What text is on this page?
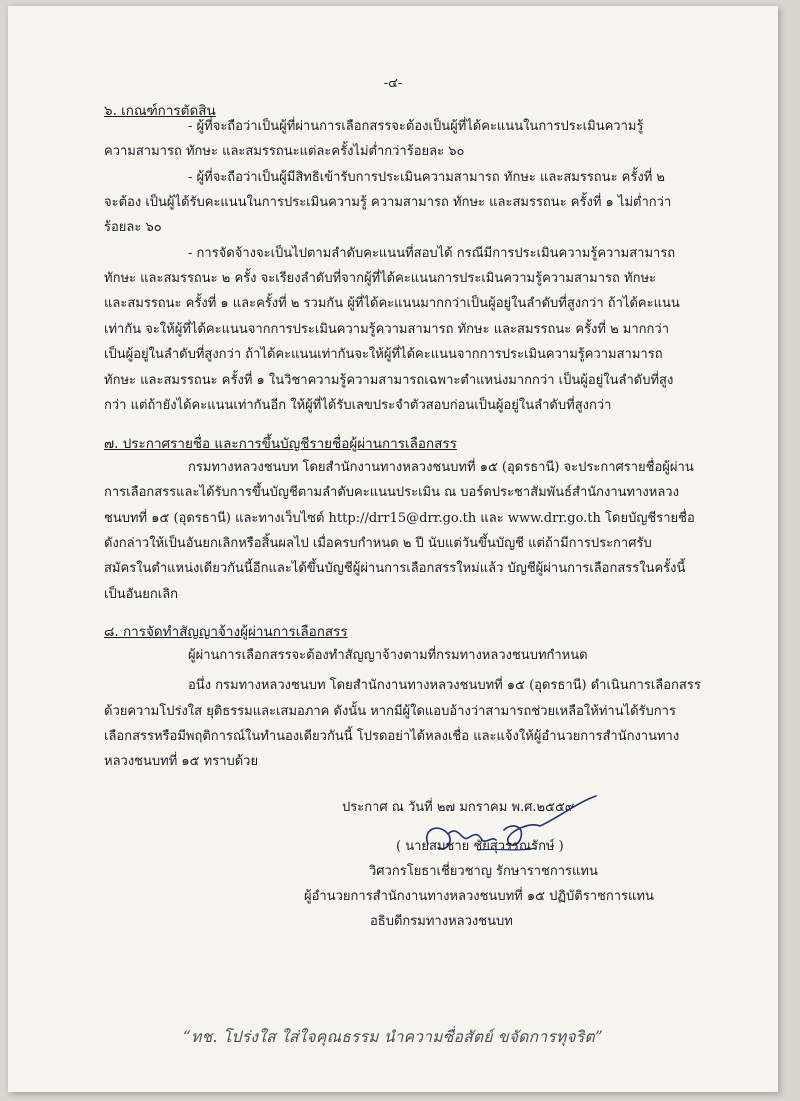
-๔-
๖. เกณฑ์การตัดสิน
- ผู้ที่จะถือว่าเป็นผู้ที่ผ่านการเลือกสรรจะต้องเป็นผู้ที่ได้คะแนนในการประเมินความรู้
ความสามารถ ทักษะ และสมรรถนะแต่ละครั้งไม่ต่ำกว่าร้อยละ ๖๐
- ผู้ที่จะถือว่าเป็นผู้มีสิทธิเข้ารับการประเมินความสามารถ ทักษะ และสมรรถนะ ครั้งที่ ๒
จะต้อง เป็นผู้ได้รับคะแนนในการประเมินความรู้ ความสามารถ ทักษะ และสมรรถนะ ครั้งที่ ๑ ไม่ต่ำกว่า
ร้อยละ ๖๐
- การจัดจ้างจะเป็นไปตามลำดับคะแนนที่สอบได้ กรณีมีการประเมินความรู้ความสามารถ
ทักษะ และสมรรถนะ ๒ ครั้ง จะเรียงลำดับที่จากผู้ที่ได้คะแนนการประเมินความรู้ความสามารถ ทักษะ
และสมรรถนะ ครั้งที่ ๑ และครั้งที่ ๒ รวมกัน ผู้ที่ได้คะแนนมากกว่าเป็นผู้อยู่ในลำดับที่สูงกว่า ถ้าได้คะแนน
เท่ากัน จะให้ผู้ที่ได้คะแนนจากการประเมินความรู้ความสามารถ ทักษะ และสมรรถนะ ครั้งที่ ๒ มากกว่า
เป็นผู้อยู่ในลำดับที่สูงกว่า ถ้าได้คะแนนเท่ากันจะให้ผู้ที่ได้คะแนนจากการประเมินความรู้ความสามารถ
ทักษะ และสมรรถนะ ครั้งที่ ๑ ในวิชาความรู้ความสามารถเฉพาะตำแหน่งมากกว่า เป็นผู้อยู่ในลำดับที่สูง
กว่า แต่ถ้ายังได้คะแนนเท่ากันอีก ให้ผู้ที่ได้รับเลขประจำตัวสอบก่อนเป็นผู้อยู่ในลำดับที่สูงกว่า
๗. ประกาศรายชื่อ และการขึ้นบัญชีรายชื่อผู้ผ่านการเลือกสรร
กรมทางหลวงชนบท โดยสำนักงานทางหลวงชนบทที่ ๑๕ (อุดรธานี) จะประกาศรายชื่อผู้ผ่าน
การเลือกสรรและได้รับการขึ้นบัญชีตามลำดับคะแนนประเมิน ณ บอร์ดประชาสัมพันธ์สำนักงานทางหลวง
ชนบทที่ ๑๕ (อุดรธานี) และทางเว็บไซต์ http://drr15@drr.go.th และ www.drr.go.th โดยบัญชีรายชื่อ
ดังกล่าวให้เป็นอันยกเลิกหรือสิ้นผลไป เมื่อครบกำหนด ๒ ปี นับแต่วันขึ้นบัญชี แต่ถ้ามีการประกาศรับ
สมัครในตำแหน่งเดียวกันนี้อีกและได้ขึ้นบัญชีผู้ผ่านการเลือกสรรใหม่แล้ว บัญชีผู้ผ่านการเลือกสรรในครั้งนี้
เป็นอันยกเลิก
๘. การจัดทำสัญญาจ้างผู้ผ่านการเลือกสรร
ผู้ผ่านการเลือกสรรจะต้องทำสัญญาจ้างตามที่กรมทางหลวงชนบทกำหนด
อนึ่ง กรมทางหลวงชนบท โดยสำนักงานทางหลวงชนบทที่ ๑๕ (อุดรธานี) ดำเนินการเลือกสรร
ด้วยความโปร่งใส ยุติธรรมและเสมอภาค ดังนั้น หากมีผู้ใดแอบอ้างว่าสามารถช่วยเหลือให้ท่านได้รับการ
เลือกสรรหรือมีพฤติการณ์ในทำนองเดียวกันนี้ โปรดอย่าได้หลงเชื่อ และแจ้งให้ผู้อำนวยการสำนักงานทาง
หลวงชนบทที่ ๑๕ ทราบด้วย
ประกาศ ณ วันที่ ๒๗ มกราคม พ.ศ.๒๕๕๙
( นายสมชาย ชัยสุวรรณรักษ์ )
วิศวกรโยธาเชี่ยวชาญ รักษาราชการแทน
ผู้อำนวยการสำนักงานทางหลวงชนบทที่ ๑๕ ปฏิบัติราชการแทน
อธิบดีกรมทางหลวงชนบท
“ทช. โปร่งใส ใส่ใจคุณธรรม นำความซื่อสัตย์ ขจัดการทุจริต”
